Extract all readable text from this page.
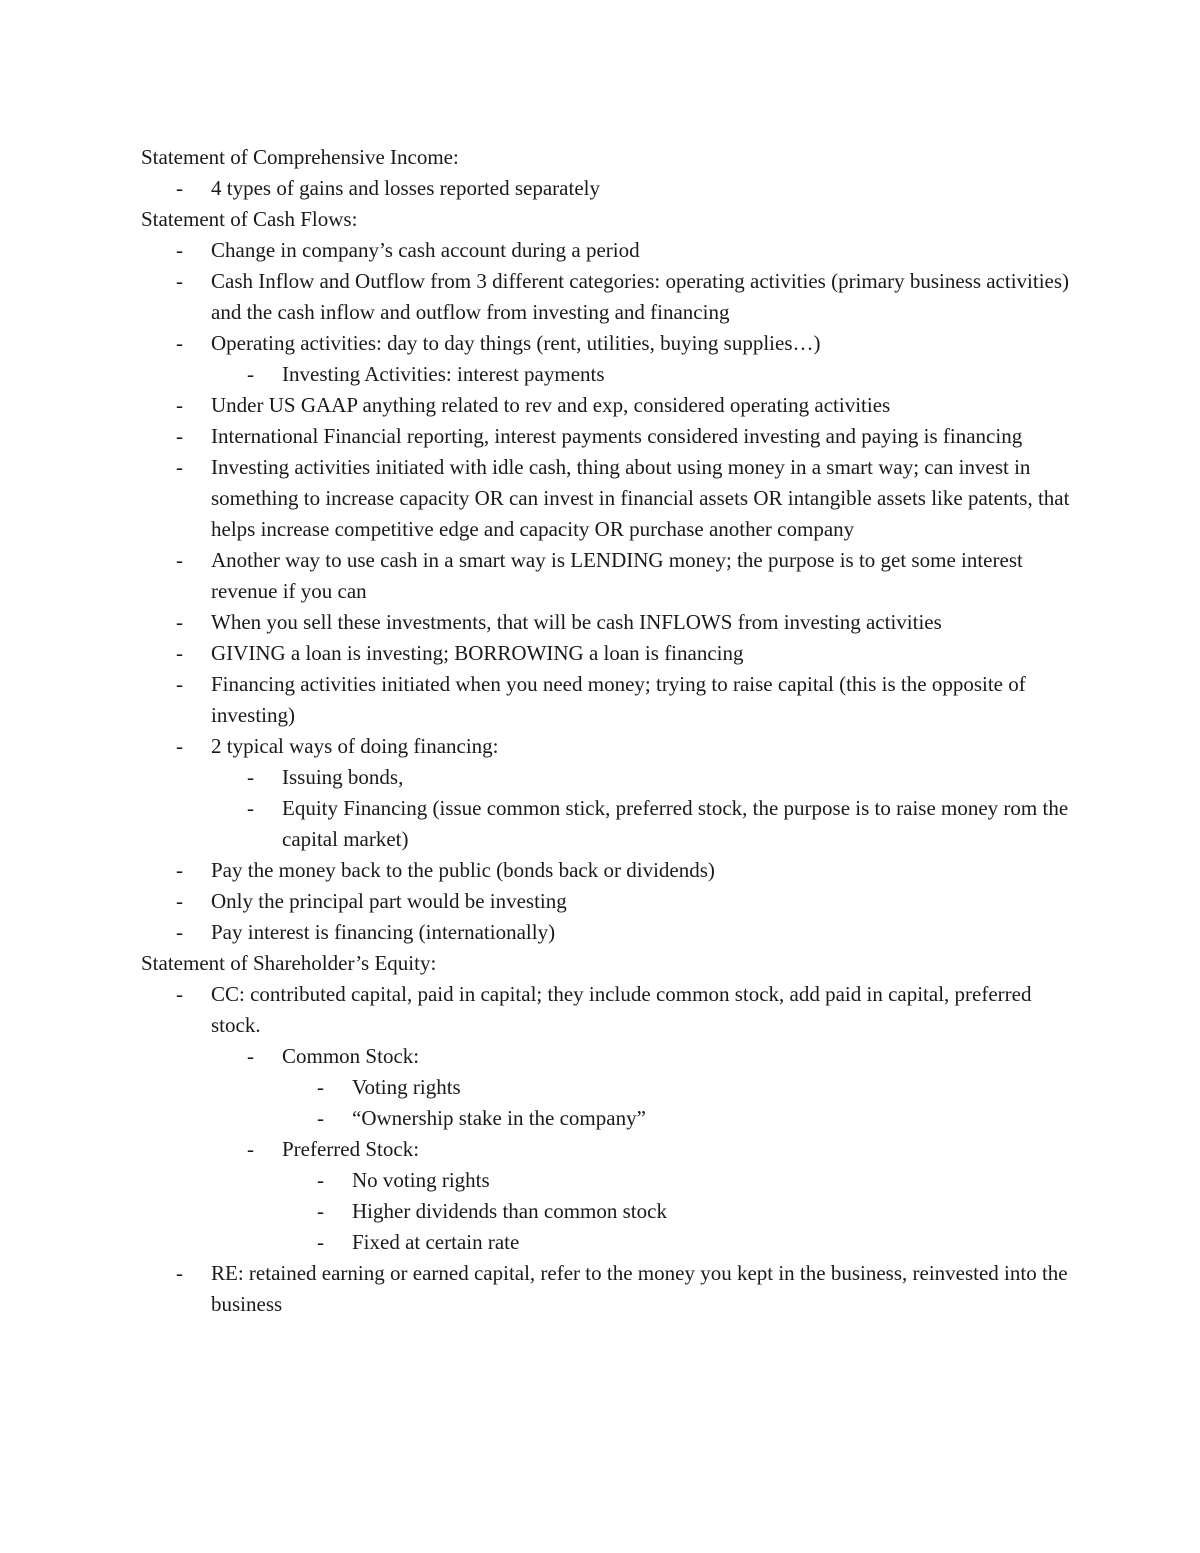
Statement of Comprehensive Income:

- 4 types of gains and losses reported separately

Statement of Cash Flows:

- Change in company’s cash account during a period
- Cash Inflow and Outflow from 3 different categories: operating activities (primary business activities) and the cash inflow and outflow from investing and financing
- Operating activities: day to day things (rent, utilities, buying supplies…)
- Investing Activities: interest payments
- Under US GAAP anything related to rev and exp, considered operating activities
- International Financial reporting, interest payments considered investing and paying is financing
- Investing activities initiated with idle cash, thing about using money in a smart way; can invest in something to increase capacity OR can invest in financial assets OR intangible assets like patents, that helps increase competitive edge and capacity OR purchase another company
- Another way to use cash in a smart way is LENDING money; the purpose is to get some interest revenue if you can
- When you sell these investments, that will be cash INFLOWS from investing activities
- GIVING a loan is investing; BORROWING a loan is financing
- Financing activities initiated when you need money; trying to raise capital (this is the opposite of investing)
- 2 typical ways of doing financing:
- Issuing bonds,
- Equity Financing (issue common stick, preferred stock, the purpose is to raise money rom the capital market)
- Pay the money back to the public (bonds back or dividends)
- Only the principal part would be investing
- Pay interest is financing (internationally)

Statement of Shareholder’s Equity:

- CC: contributed capital, paid in capital; they include common stock, add paid in capital, preferred stock.
- Common Stock:
- Voting rights
- “Ownership stake in the company”
- Preferred Stock:
- No voting rights
- Higher dividends than common stock
- Fixed at certain rate
- RE: retained earning or earned capital, refer to the money you kept in the business, reinvested into the business
